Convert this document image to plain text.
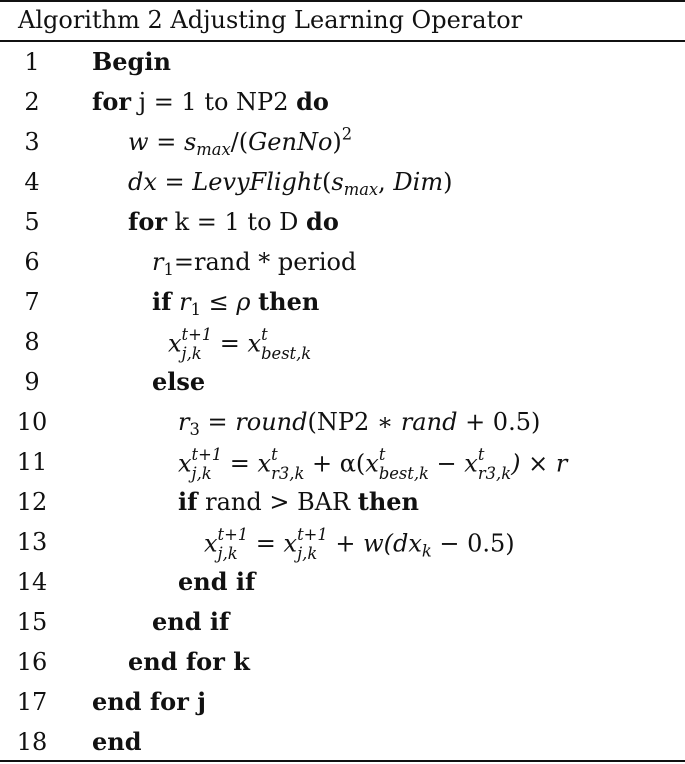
Algorithm 2 Adjusting Learning Operator
1	Begin
2	for j = 1 to NP2 do
3	$w = s_{max}/(GenNo)^2$
4	dx = $LevyFlight(s_{max}$, Dim)
5	for k = 1 to D do
6	$r_1=rand$ * period
7	if $r_1 \le \rho$ then
8	x t+1
j,k = x t
best,k
9	else
10	$r_3$ = round(NP2 ∗ rand + 0.5)
11	x t+1
j,k = x t
r3,k + α(x t
best,k − x t
r3,k ) × r
12	if rand > BAR then
13	x t+1
j,k = x t+1
$j,k + w(dx_k - 0.5)$
14	end if
15	end if
16	end for k
17 end for j
18 end
